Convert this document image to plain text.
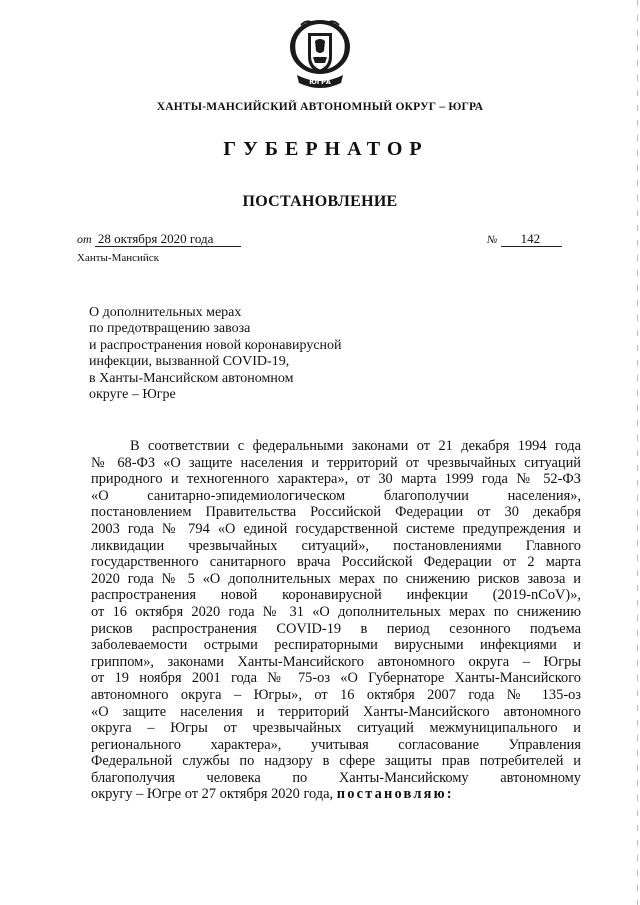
ЮГРА
ХАНТЫ-МАНСИЙСКИЙ АВТОНОМНЫЙ ОКРУГ – ЮГРА
ГУБЕРНАТОР
ПОСТАНОВЛЕНИЕ
от 28 октября 2020 года	№ 142
Ханты-Мансийск
О дополнительных мерах
по предотвращению завоза
и распространения новой коронавирусной
инфекции, вызванной COVID-19,
в Ханты-Мансийском автономном
округе – Югре
В соответствии с федеральными законами от 21 декабря 1994 года
№ 68-ФЗ «О защите населения и территорий от чрезвычайных ситуаций
природного и техногенного характера», от 30 марта 1999 года № 52-ФЗ
«О санитарно-эпидемиологическом благополучии населения»,
постановлением Правительства Российской Федерации от 30 декабря
2003 года № 794 «О единой государственной системе предупреждения и
ликвидации чрезвычайных ситуаций», постановлениями Главного
государственного санитарного врача Российской Федерации от 2 марта
2020 года № 5 «О дополнительных мерах по снижению рисков завоза и
распространения новой коронавирусной инфекции (2019-nCoV)»,
от 16 октября 2020 года № 31 «О дополнительных мерах по снижению
рисков распространения COVID-19 в период сезонного подъема
заболеваемости острыми респираторными вирусными инфекциями и
гриппом», законами Ханты-Мансийского автономного округа – Югры
от 19 ноября 2001 года № 75-оз «О Губернаторе Ханты-Мансийского
автономного округа – Югры», от 16 октября 2007 года № 135-оз
«О защите населения и территорий Ханты-Мансийского автономного
округа – Югры от чрезвычайных ситуаций межмуниципального и
регионального характера», учитывая согласование Управления
Федеральной службы по надзору в сфере защиты прав потребителей и
благополучия человека по Ханты-Мансийскому автономному
округу – Югре от 27 октября 2020 года, постановляю:
